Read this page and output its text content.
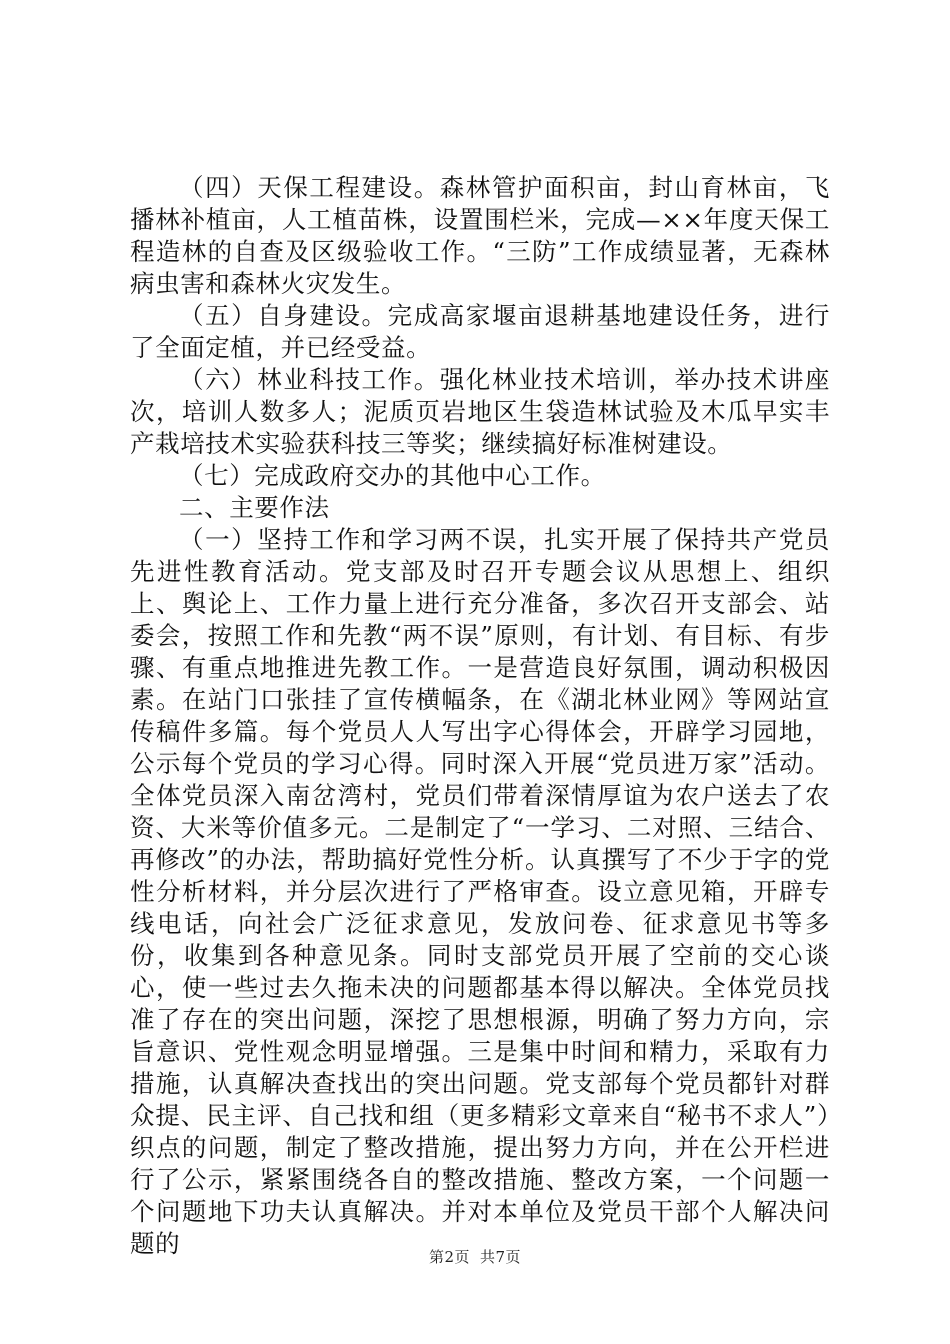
（四）天保工程建设。森林管护面积亩，封山育林亩，飞播林补植亩，人工植苗株，设置围栏米，完成—××年度天保工程造林的自查及区级验收工作。“三防”工作成绩显著，无森林病虫害和森林火灾发生。

（五）自身建设。完成高家堰亩退耕基地建设任务，进行了全面定植，并已经受益。

（六）林业科技工作。强化林业技术培训，举办技术讲座次，培训人数多人；泥质页岩地区生袋造林试验及木瓜早实丰产栽培技术实验获科技三等奖；继续搞好标准树建设。

（七）完成政府交办的其他中心工作。

二、主要作法

（一）坚持工作和学习两不误，扎实开展了保持共产党员先进性教育活动。党支部及时召开专题会议从思想上、组织上、舆论上、工作力量上进行充分准备，多次召开支部会、站委会，按照工作和先教“两不误”原则，有计划、有目标、有步骤、有重点地推进先教工作。一是营造良好氛围，调动积极因素。在站门口张挂了宣传横幅条，在《湖北林业网》等网站宣传稿件多篇。每个党员人人写出字心得体会，开辟学习园地，公示每个党员的学习心得。同时深入开展“党员进万家”活动。全体党员深入南岔湾村，党员们带着深情厚谊为农户送去了农资、大米等价值多元。二是制定了“一学习、二对照、三结合、再修改”的办法，帮助搞好党性分析。认真撰写了不少于字的党性分析材料，并分层次进行了严格审查。设立意见箱，开辟专线电话，向社会广泛征求意见，发放问卷、征求意见书等多份，收集到各种意见条。同时支部党员开展了空前的交心谈心，使一些过去久拖未决的问题都基本得以解决。全体党员找准了存在的突出问题，深挖了思想根源，明确了努力方向，宗旨意识、党性观念明显增强。三是集中时间和精力，采取有力措施，认真解决查找出的突出问题。党支部每个党员都针对群众提、民主评、自己找和组（更多精彩文章来自“秘书不求人”）织点的问题，制定了整改措施，提出努力方向，并在公开栏进行了公示，紧紧围绕各自的整改措施、整改方案，一个问题一个问题地下功夫认真解决。并对本单位及党员干部个人解决问题的	第2页 共7页
